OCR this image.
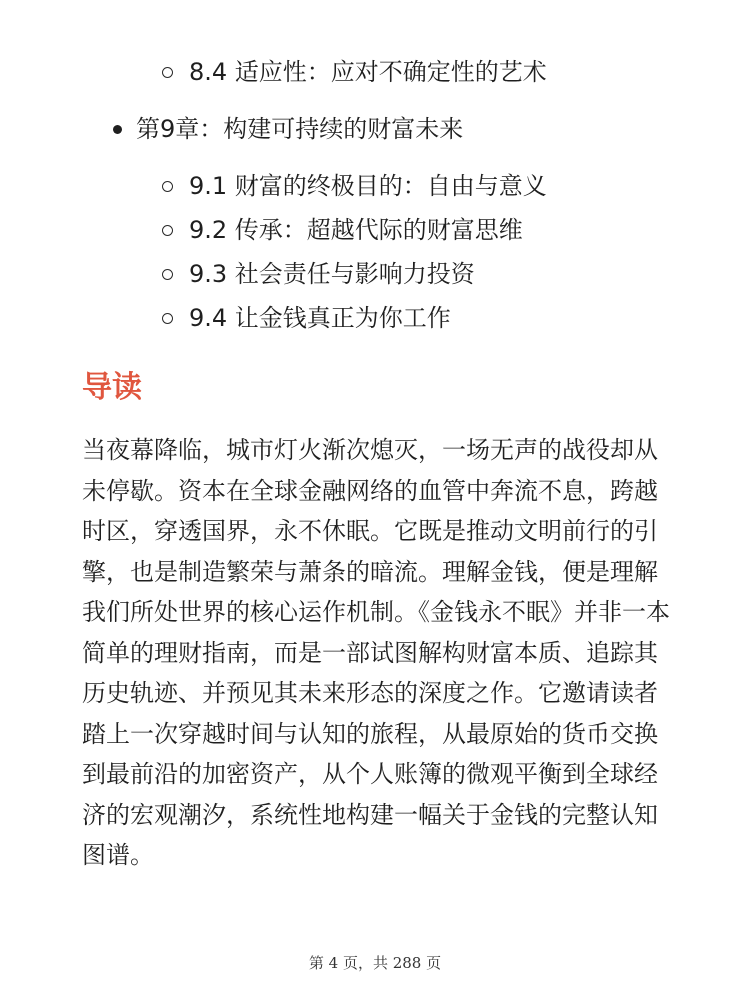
8.4 适应性：应对不确定性的艺术
第9章：构建可持续的财富未来
9.1 财富的终极目的：自由与意义
9.2 传承：超越代际的财富思维
9.3 社会责任与影响力投资
9.4 让金钱真正为你工作
导读

当夜幕降临，城市灯火渐次熄灭，一场无声的战役却从未停歇。资本在全球金融网络的血管中奔流不息，跨越时区，穿透国界，永不休眠。它既是推动文明前行的引擎，也是制造繁荣与萧条的暗流。理解金钱，便是理解我们所处世界的核心运作机制。《金钱永不眠》并非一本简单的理财指南，而是一部试图解构财富本质、追踪其历史轨迹、并预见其未来形态的深度之作。它邀请读者踏上一次穿越时间与认知的旅程，从最原始的货币交换到最前沿的加密资产，从个人账簿的微观平衡到全球经济的宏观潮汐，系统性地构建一幅关于金钱的完整认知图谱。

第 4 页，共 288 页
